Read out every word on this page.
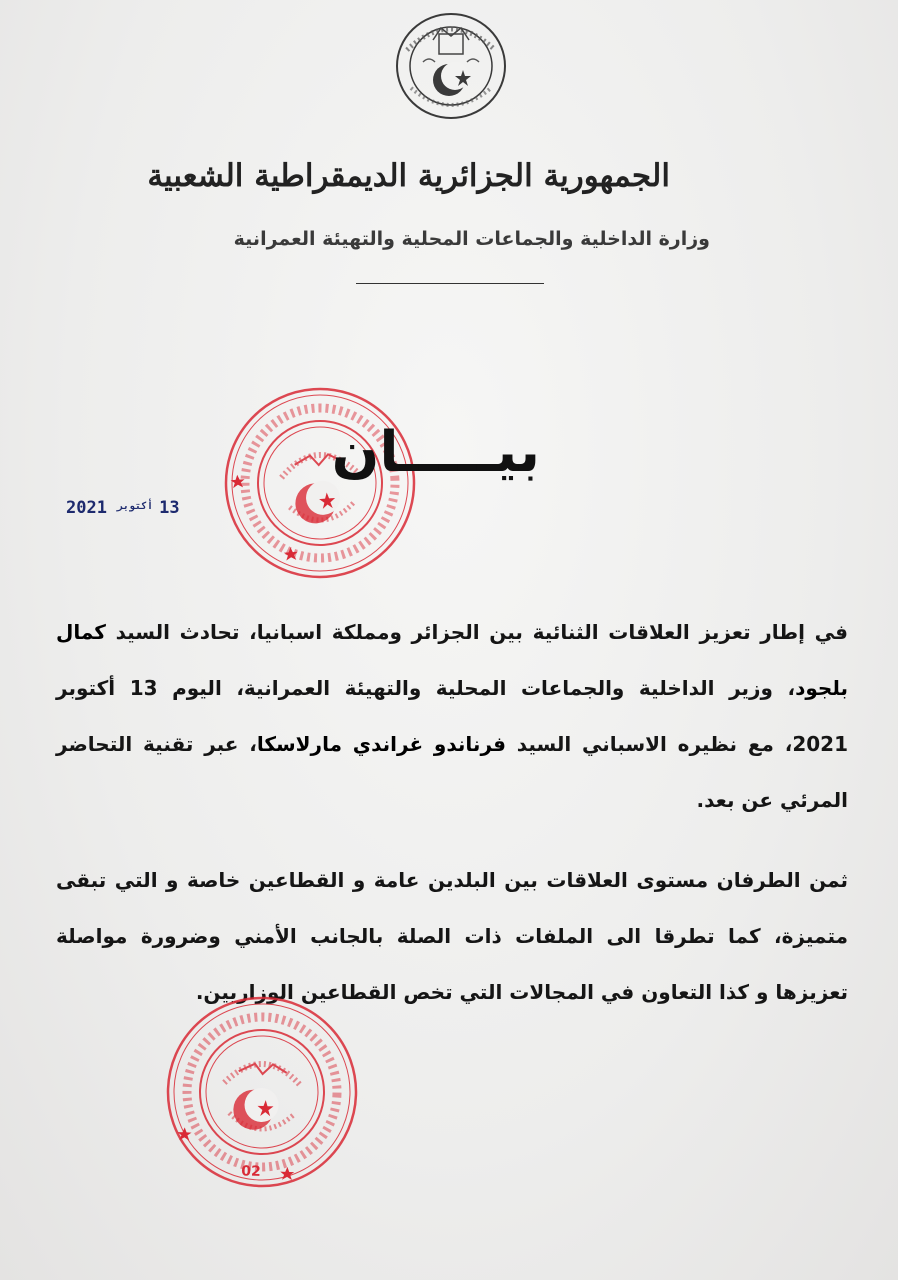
الجمهورية الجزائرية الديمقراطية الشعبية
وزارة الداخلية والجماعات المحلية والتهيئة العمرانية
بيـــــان
2021 أكتوبر 13

في إطار تعزيز العلاقات الثنائية بين الجزائر ومملكة اسبانيا، تحادث السيد كمال بلجود، وزير الداخلية والجماعات المحلية والتهيئة العمرانية، اليوم 13 أكتوبر 2021، مع نظيره الاسباني السيد فرناندو غراندي مارلاسكا، عبر تقنية التحاضر المرئي عن بعد.

ثمن الطرفان مستوى العلاقات بين البلدين عامة و القطاعين خاصة و التي تبقى متميزة، كما تطرقا الى الملفات ذات الصلة بالجانب الأمني وضرورة مواصلة تعزيزها و كذا التعاون في المجالات التي تخص القطاعين الوزاريين.

02
